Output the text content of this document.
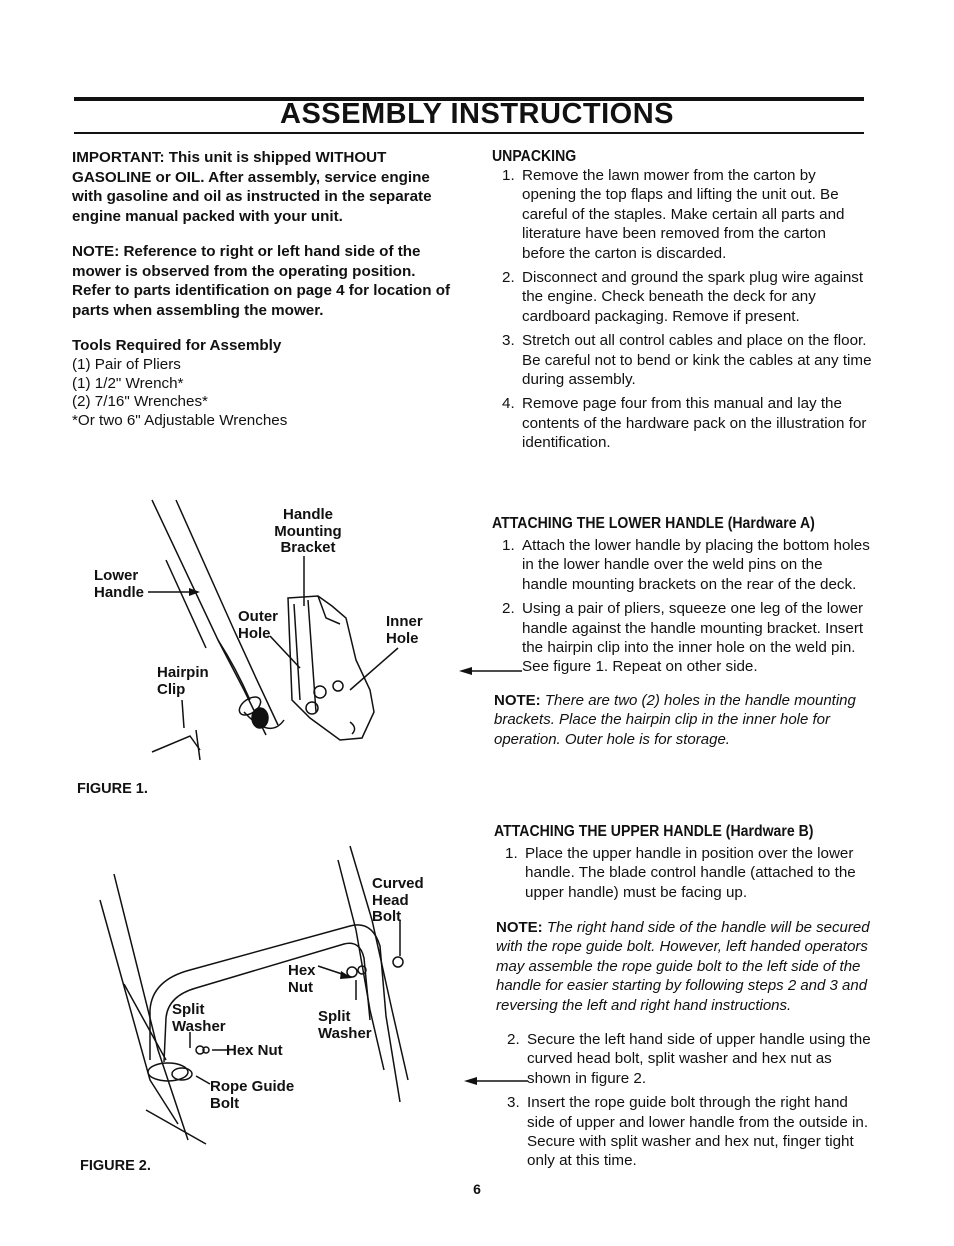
ASSEMBLY INSTRUCTIONS
IMPORTANT: This unit is shipped WITHOUT GASOLINE or OIL. After assembly, service engine with gasoline and oil as instructed in the separate engine manual packed with your unit.
NOTE: Reference to right or left hand side of the mower is observed from the operating position. Refer to parts identification on page 4 for location of parts when assembling the mower.
Tools Required for Assembly
(1) Pair of Pliers
(1) 1/2" Wrench*
(2) 7/16" Wrenches*
*Or two 6" Adjustable Wrenches
UNPACKING
1. Remove the lawn mower from the carton by opening the top flaps and lifting the unit out. Be careful of the staples. Make certain all parts and literature have been removed from the carton before the carton is discarded.
2. Disconnect and ground the spark plug wire against the engine. Check beneath the deck for any cardboard packaging. Remove if present.
3. Stretch out all control cables and place on the floor. Be careful not to bend or kink the cables at any time during assembly.
4. Remove page four from this manual and lay the contents of the hardware pack on the illustration for identification.
ATTACHING THE LOWER HANDLE (Hardware A)
1. Attach the lower handle by placing the bottom holes in the lower handle over the weld pins on the handle mounting brackets on the rear of the deck.
2. Using a pair of pliers, squeeze one leg of the lower handle against the handle mounting bracket. Insert the hairpin clip into the inner hole on the weld pin. See figure 1. Repeat on other side.
NOTE: There are two (2) holes in the handle mounting brackets. Place the hairpin clip in the inner hole for operation. Outer hole is for storage.
ATTACHING THE UPPER HANDLE (Hardware B)
1. Place the upper handle in position over the lower handle. The blade control handle (attached to the upper handle) must be facing up.
NOTE: The right hand side of the handle will be secured with the rope guide bolt. However, left handed operators may assemble the rope guide bolt to the left side of the handle for easier starting by following steps 2 and 3 and reversing the left and right hand instructions.
2. Secure the left hand side of upper handle using the curved head bolt, split washer and hex nut as shown in figure 2.
3. Insert the rope guide bolt through the right hand side of upper and lower handle from the outside in. Secure with split washer and hex nut, finger tight only at this time.
Handle Mounting Bracket
Lower Handle
Outer Hole
Inner Hole
Hairpin Clip
FIGURE 1.
Curved Head Bolt
Hex Nut
Split Washer
Split Washer
Hex Nut
Rope Guide Bolt
FIGURE 2.
6
